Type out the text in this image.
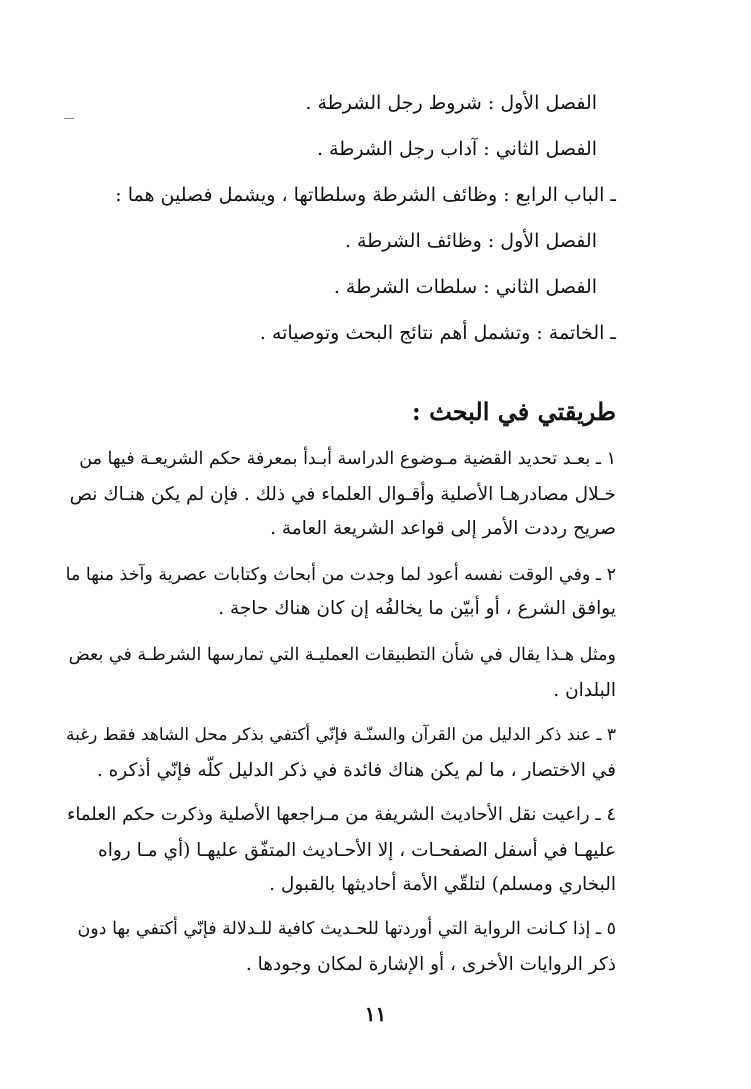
الفصل الأول : شروط رجل الشرطة .
الفصل الثاني : آداب رجل الشرطة .
ـ الباب الرابع : وظائف الشرطة وسلطاتها ، ويشمل فصلين هما :
الفصل الأول : وظائف الشرطة .
الفصل الثاني : سلطات الشرطة .
ـ الخاتمة : وتشمل أهم نتائج البحث وتوصياته .
طريقتي في البحث :
١ ـ بعـد تحديد القضية مـوضوع الدراسة أبـدأ بمعرفة حكم الشريعـة فيها من
خـلال مصادرهـا الأصلية وأقـوال العلماء في ذلك . فإن لم يكن هنـاك نص
صريح رددت الأمر إلى قواعد الشريعة العامة .
٢ ـ وفي الوقت نفسه أعود لما وجدت من أبحاث وكتابات عصرية وآخذ منها ما
يوافق الشرع ، أو أبيّن ما يخالفُه إن كان هناك حاجة .
ومثل هـذا يقال في شأن التطبيقات العمليـة التي تمارسها الشرطـة في بعض
البلدان .
٣ ـ عند ذكر الدليل من القرآن والسنّـة فإنّي أكتفي بذكر محل الشاهد فقط رغبة
في الاختصار ، ما لم يكن هناك فائدة في ذكر الدليل كلّه فإنّي أذكره .
٤ ـ راعيت نقل الأحاديث الشريفة من مـراجعها الأصلية وذكرت حكم العلماء
عليهـا في أسفل الصفحـات ، إلا الأحـاديث المتفّق عليهـا (أي مـا رواه
البخاري ومسلم) لتلقّي الأمة أحاديثها بالقبول .
٥ ـ إذا كـانت الرواية التي أوردتها للحـديث كافية للـدلالة فإنّي أكتفي بها دون
ذكر الروايات الأخرى ، أو الإشارة لمكان وجودها .
١١
